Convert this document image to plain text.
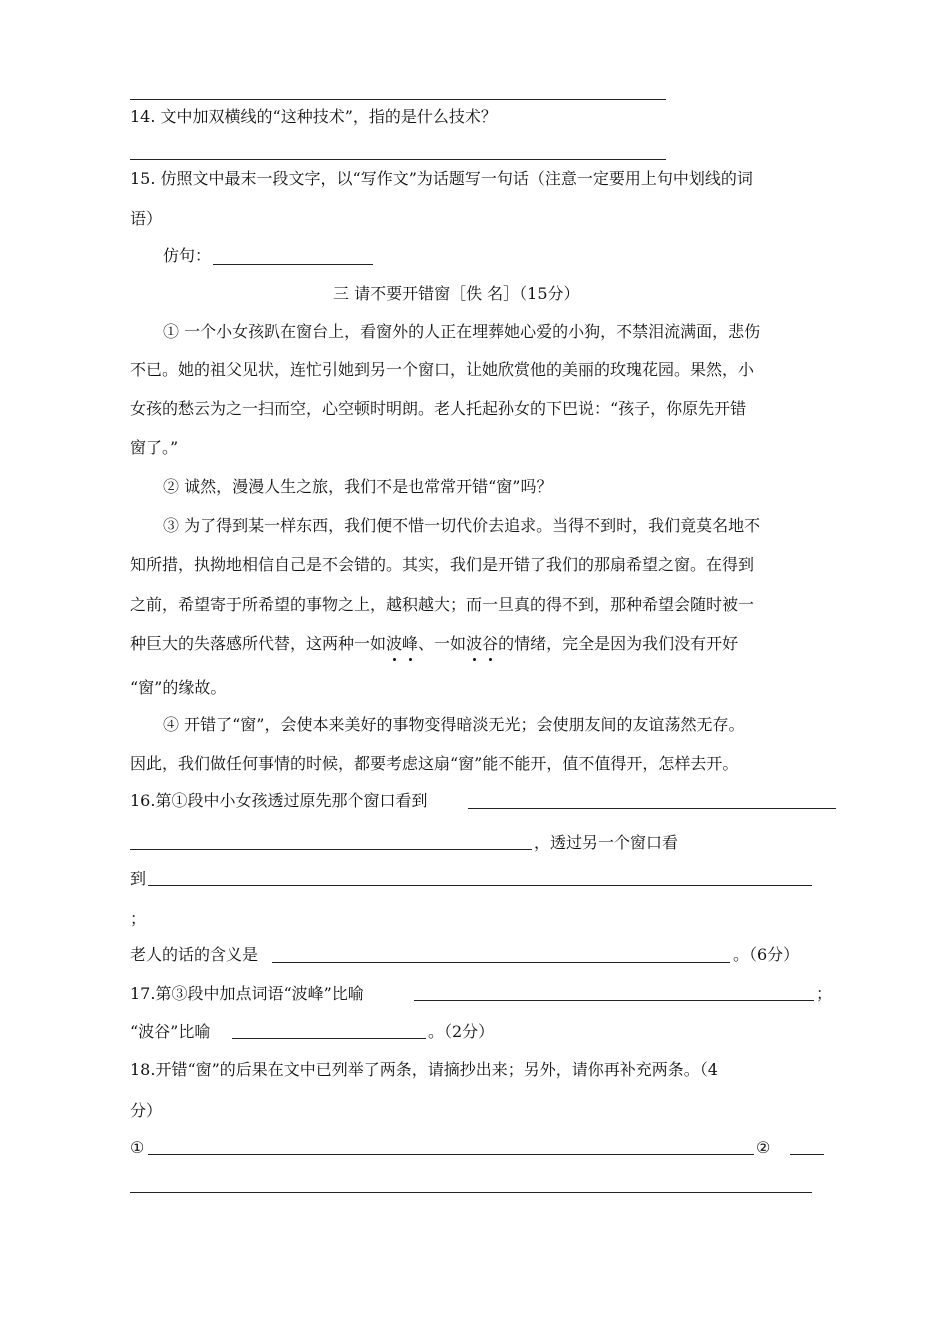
14. 文中加双横线的“这种技术”，指的是什么技术？
15. 仿照文中最末一段文字，以“写作文”为话题写一句话（注意一定要用上句中划线的词
语）
仿句：
三 请不要开错窗［佚 名］（15分）
① 一个小女孩趴在窗台上，看窗外的人正在埋葬她心爱的小狗，不禁泪流满面，悲伤
不已。她的祖父见状，连忙引她到另一个窗口，让她欣赏他的美丽的玫瑰花园。果然，小
女孩的愁云为之一扫而空，心空顿时明朗。老人托起孙女的下巴说：“孩子，你原先开错
窗了。”
② 诚然，漫漫人生之旅，我们不是也常常开错“窗”吗？
③ 为了得到某一样东西，我们便不惜一切代价去追求。当得不到时，我们竟莫名地不
知所措，执拗地相信自己是不会错的。其实，我们是开错了我们的那扇希望之窗。在得到
之前，希望寄于所希望的事物之上，越积越大；而一旦真的得不到，那种希望会随时被一
种巨大的失落感所代替，这两种一如波峰、一如波谷的情绪，完全是因为我们没有开好
“窗”的缘故。
④ 开错了“窗”，会使本来美好的事物变得暗淡无光；会使朋友间的友谊荡然无存。
因此，我们做任何事情的时候，都要考虑这扇“窗”能不能开，值不值得开，怎样去开。
16.第①段中小女孩透过原先那个窗口看到
，透过另一个窗口看
到
；
老人的话的含义是	。（6分）
17.第③段中加点词语“波峰”比喻	；
“波谷”比喻	。（2分）
18.开错“窗”的后果在文中已列举了两条，请摘抄出来；另外，请你再补充两条。（4
分）
①	②
